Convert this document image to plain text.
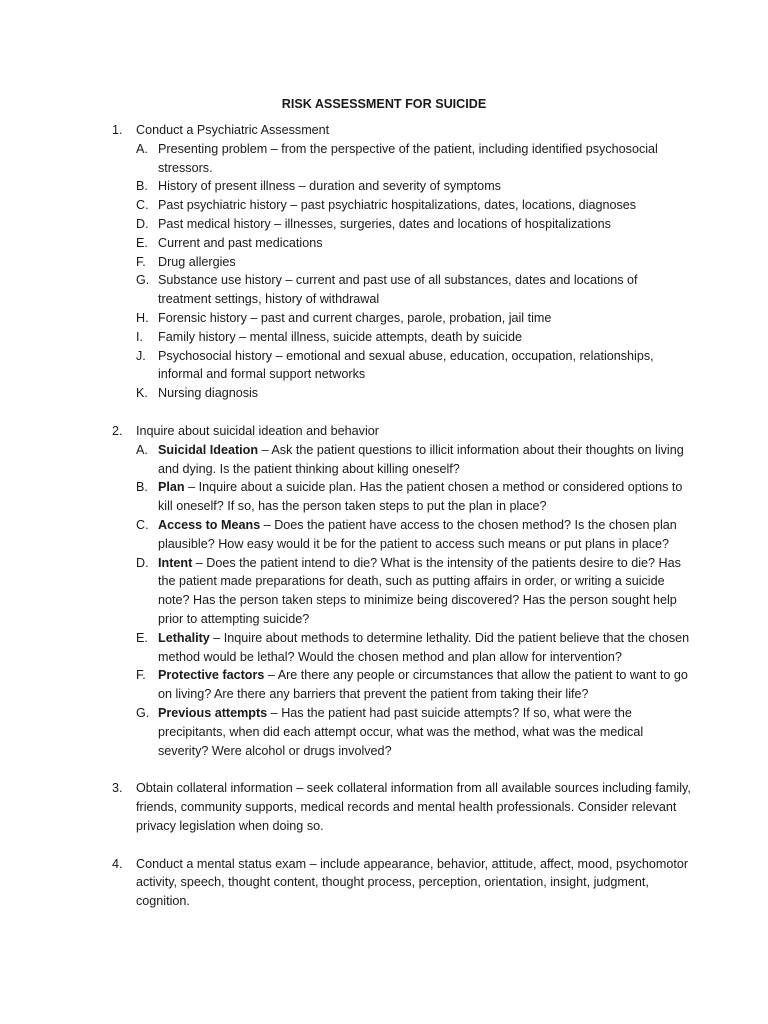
RISK ASSESSMENT FOR SUICIDE
1. Conduct a Psychiatric Assessment
A. Presenting problem – from the perspective of the patient, including identified psychosocial stressors.
B. History of present illness – duration and severity of symptoms
C. Past psychiatric history – past psychiatric hospitalizations, dates, locations, diagnoses
D. Past medical history – illnesses, surgeries, dates and locations of hospitalizations
E. Current and past medications
F. Drug allergies
G. Substance use history – current and past use of all substances, dates and locations of treatment settings, history of withdrawal
H. Forensic history – past and current charges, parole, probation, jail time
I. Family history – mental illness, suicide attempts, death by suicide
J. Psychosocial history – emotional and sexual abuse, education, occupation, relationships, informal and formal support networks
K. Nursing diagnosis
2. Inquire about suicidal ideation and behavior
A. Suicidal Ideation – Ask the patient questions to illicit information about their thoughts on living and dying. Is the patient thinking about killing oneself?
B. Plan – Inquire about a suicide plan. Has the patient chosen a method or considered options to kill oneself? If so, has the person taken steps to put the plan in place?
C. Access to Means – Does the patient have access to the chosen method? Is the chosen plan plausible? How easy would it be for the patient to access such means or put plans in place?
D. Intent – Does the patient intend to die? What is the intensity of the patients desire to die? Has the patient made preparations for death, such as putting affairs in order, or writing a suicide note? Has the person taken steps to minimize being discovered? Has the person sought help prior to attempting suicide?
E. Lethality – Inquire about methods to determine lethality. Did the patient believe that the chosen method would be lethal? Would the chosen method and plan allow for intervention?
F. Protective factors – Are there any people or circumstances that allow the patient to want to go on living? Are there any barriers that prevent the patient from taking their life?
G. Previous attempts – Has the patient had past suicide attempts? If so, what were the precipitants, when did each attempt occur, what was the method, what was the medical severity? Were alcohol or drugs involved?
3. Obtain collateral information – seek collateral information from all available sources including family, friends, community supports, medical records and mental health professionals. Consider relevant privacy legislation when doing so.
4. Conduct a mental status exam – include appearance, behavior, attitude, affect, mood, psychomotor activity, speech, thought content, thought process, perception, orientation, insight, judgment, cognition.
